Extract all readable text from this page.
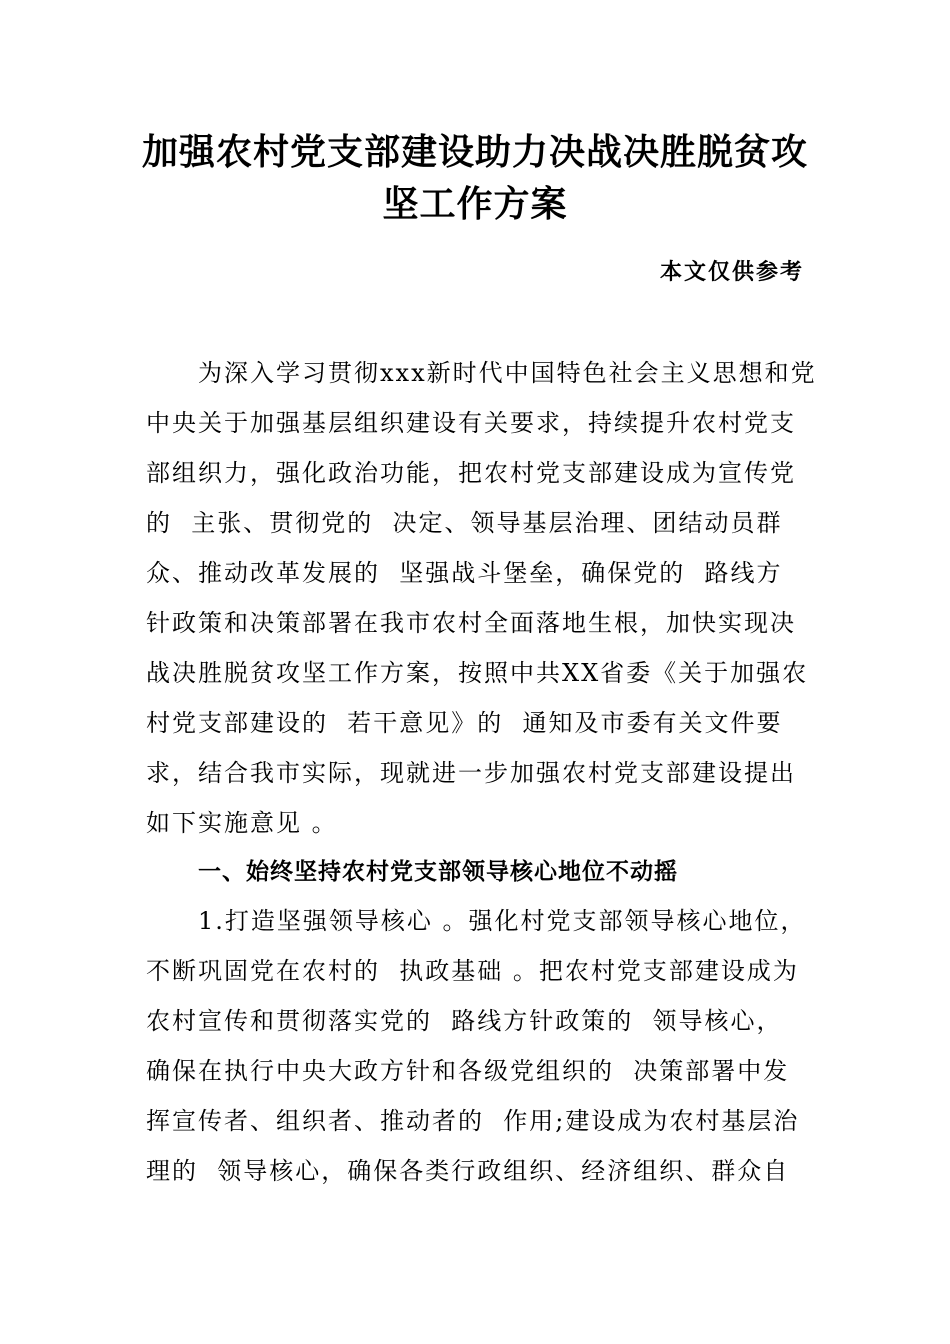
加强农村党支部建设助力决战决胜脱贫攻
坚工作方案
本文仅供参考
为深入学习贯彻xxx新时代中国特色社会主义思想和党
中央关于加强基层组织建设有关要求，持续提升农村党支
部组织力，强化政治功能，把农村党支部建设成为宣传党
的  主张、贯彻党的  决定、领导基层治理、团结动员群
众、推动改革发展的  坚强战斗堡垒，确保党的  路线方
针政策和决策部署在我市农村全面落地生根，加快实现决
战决胜脱贫攻坚工作方案，按照中共XX省委《关于加强农
村党支部建设的  若干意见》的  通知及市委有关文件要
求，结合我市实际，现就进一步加强农村党支部建设提出
如下实施意见 。
一、始终坚持农村党支部领导核心地位不动摇
1.打造坚强领导核心 。强化村党支部领导核心地位，
不断巩固党在农村的  执政基础 。把农村党支部建设成为
农村宣传和贯彻落实党的  路线方针政策的  领导核心，
确保在执行中央大政方针和各级党组织的  决策部署中发
挥宣传者、组织者、推动者的  作用;建设成为农村基层治
理的  领导核心，确保各类行政组织、经济组织、群众自
